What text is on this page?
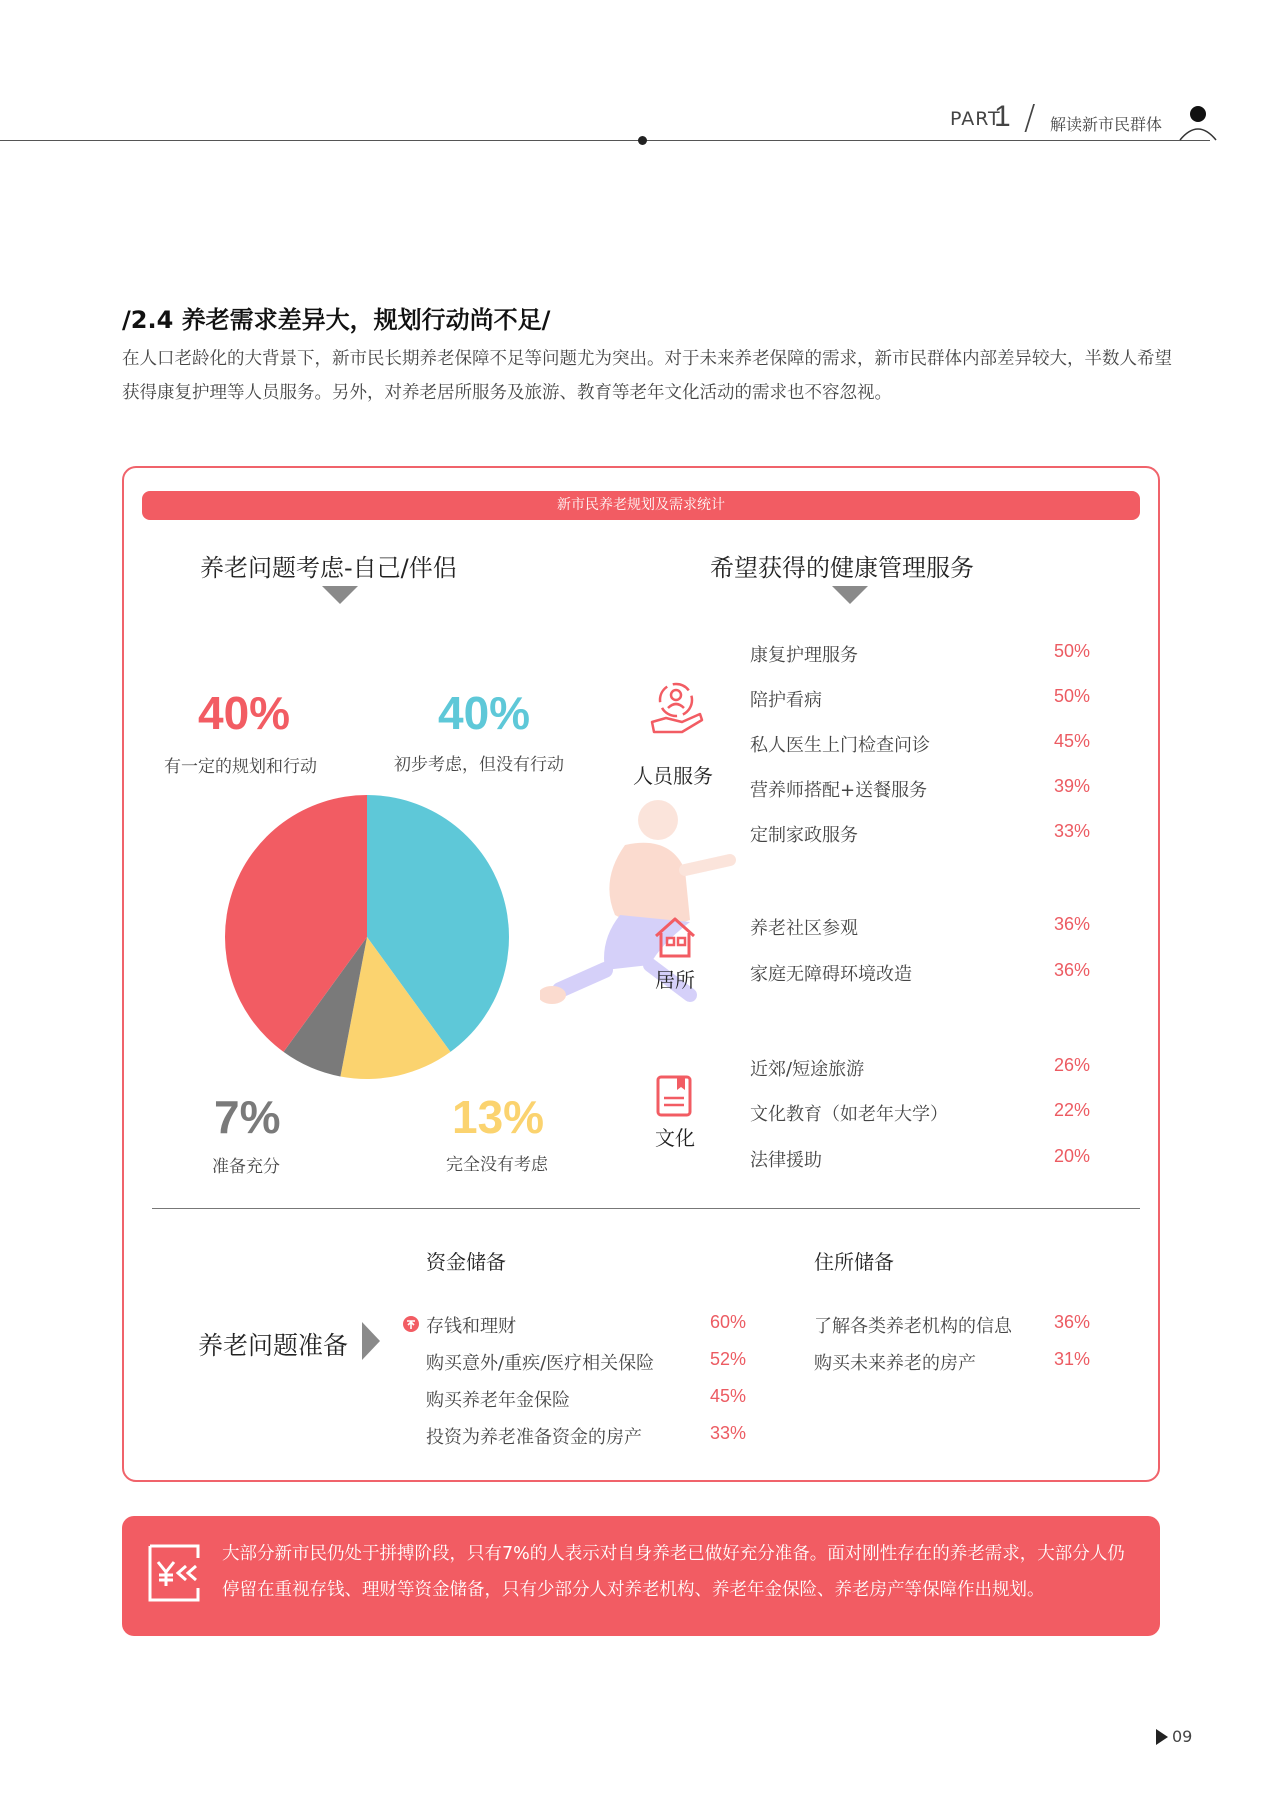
PART
1 / 解读新市民群体
/2.4 养老需求差异大，规划行动尚不足/
在人口老龄化的大背景下，新市民长期养老保障不足等问题尤为突出。对于未来养老保障的需求，新市民群体内部差异较大，半数人希望获得康复护理等人员服务。另外，对养老居所服务及旅游、教育等老年文化活动的需求也不容忽视。
新市民养老规划及需求统计
养老问题考虑-自己/伴侣	希望获得的健康管理服务
40%
有一定的规划和行动
40%
初步考虑，但没有行动
7%
准备充分
13%
完全没有考虑
人员服务
居所
文化
康复护理服务	50%
陪护看病	50%
私人医生上门检查问诊	45%
营养师搭配+送餐服务	39%
定制家政服务	33%
养老社区参观	36%
家庭无障碍环境改造	36%
近郊/短途旅游	26%
文化教育（如老年大学）	22%
法律援助	20%
资金储备	住所储备
养老问题准备
存钱和理财	60%
购买意外/重疾/医疗相关保险	52%
购买养老年金保险	45%
投资为养老准备资金的房产	33%
了解各类养老机构的信息 36%
购买未来养老的房产	31%
大部分新市民仍处于拼搏阶段，只有7%的人表示对自身养老已做好充分准备。面对刚性存在的养老需求，大部分人仍停留在重视存钱、理财等资金储备，只有少部分人对养老机构、养老年金保险、养老房产等保障作出规划。
09
